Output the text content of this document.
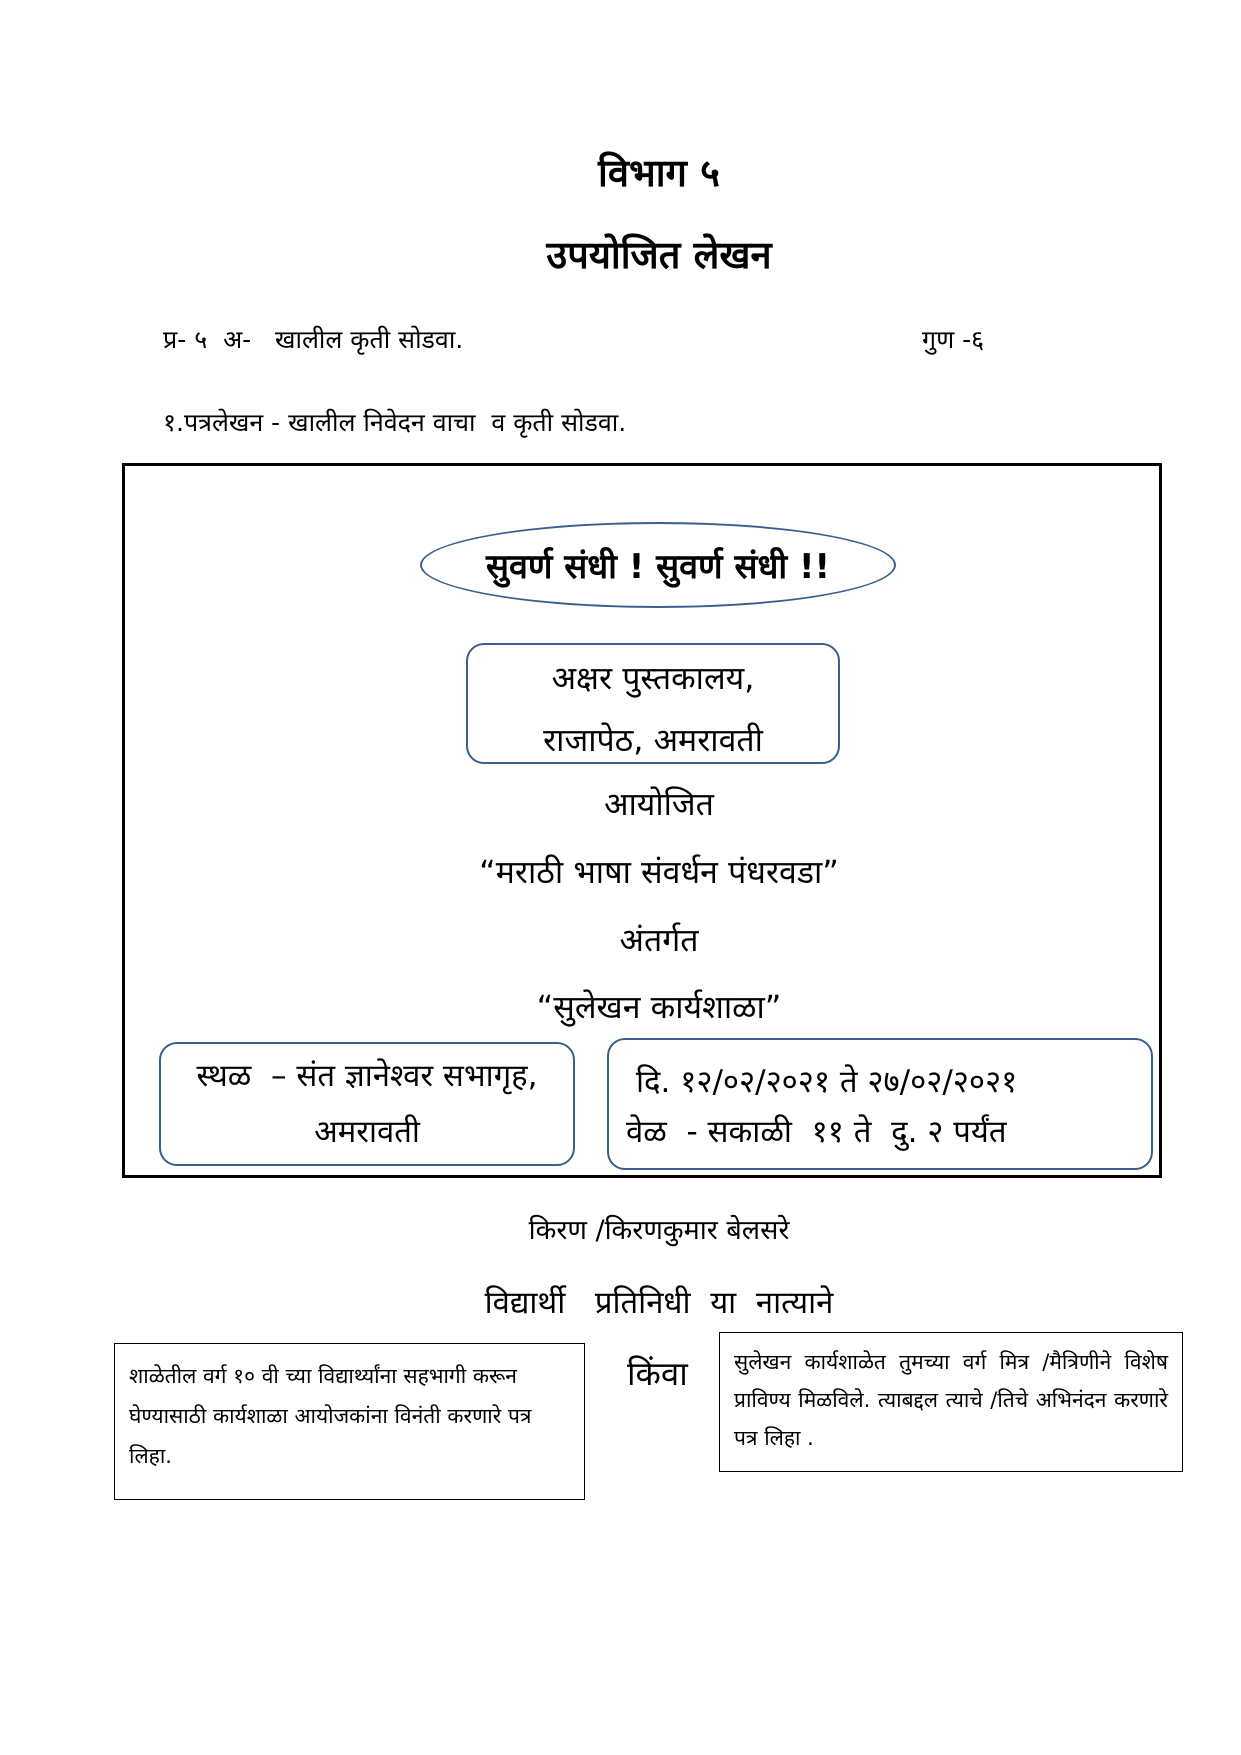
विभाग ५
उपयोजित लेखन
प्र- ५  अ-   खालील कृती सोडवा.	गुण -६
१.पत्रलेखन - खालील निवेदन वाचा  व कृती सोडवा.
सुवर्ण संधी ! सुवर्ण संधी !!
अक्षर पुस्तकालय,
राजापेठ, अमरावती
आयोजित
“मराठी भाषा संवर्धन पंधरवडा”
अंतर्गत
“सुलेखन कार्यशाळा”
स्थळ  – संत ज्ञानेश्वर सभागृह,
अमरावती
दि. १२/०२/२०२१ ते २७/०२/२०२१
वेळ  - सकाळी  ११ ते  दु. २ पर्यंत
किरण /किरणकुमार बेलसरे
विद्यार्थी   प्रतिनिधी  या  नात्याने
शाळेतील वर्ग १० वी च्या विद्यार्थ्यांना सहभागी करून घेण्यासाठी कार्यशाळा आयोजकांना विनंती करणारे पत्र लिहा.
किंवा	सुलेखन कार्यशाळेत तुमच्या वर्ग मित्र /मैत्रिणीने विशेष प्राविण्य मिळविले. त्याबद्दल त्याचे /तिचे अभिनंदन करणारे पत्र लिहा .
